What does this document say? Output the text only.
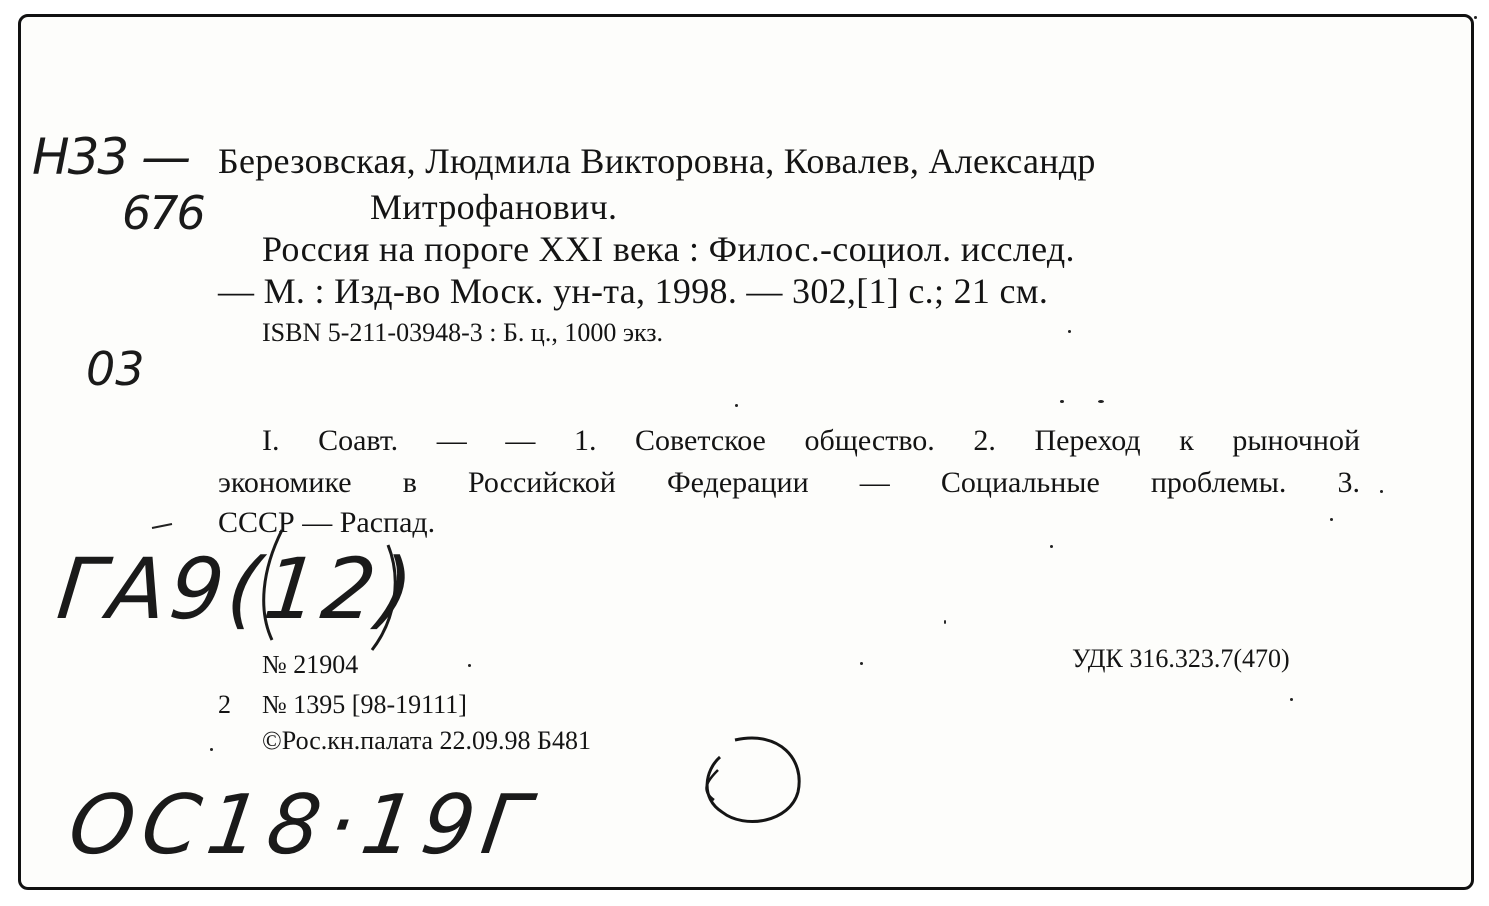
Н33 —
676
03
ГА9(12)
ОС18·19Г
Березовская, Людмила Викторовна, Ковалев, Александр
Митрофанович.
Россия на пороге XXI века : Филос.-социол. исслед.
— М. : Изд-во Моск. ун-та, 1998. — 302,[1] с.; 21 см.
ISBN 5-211-03948-3 : Б. ц., 1000 экз.
I. Соавт. — — 1. Советское общество. 2. Переход к рыночной
экономике в Российской Федерации — Социальные проблемы. 3.
СССР — Распад.
№ 21904	УДК 316.323.7(470)
2 № 1395 [98-19111]
©Рос.кн.палата 22.09.98 Б481
